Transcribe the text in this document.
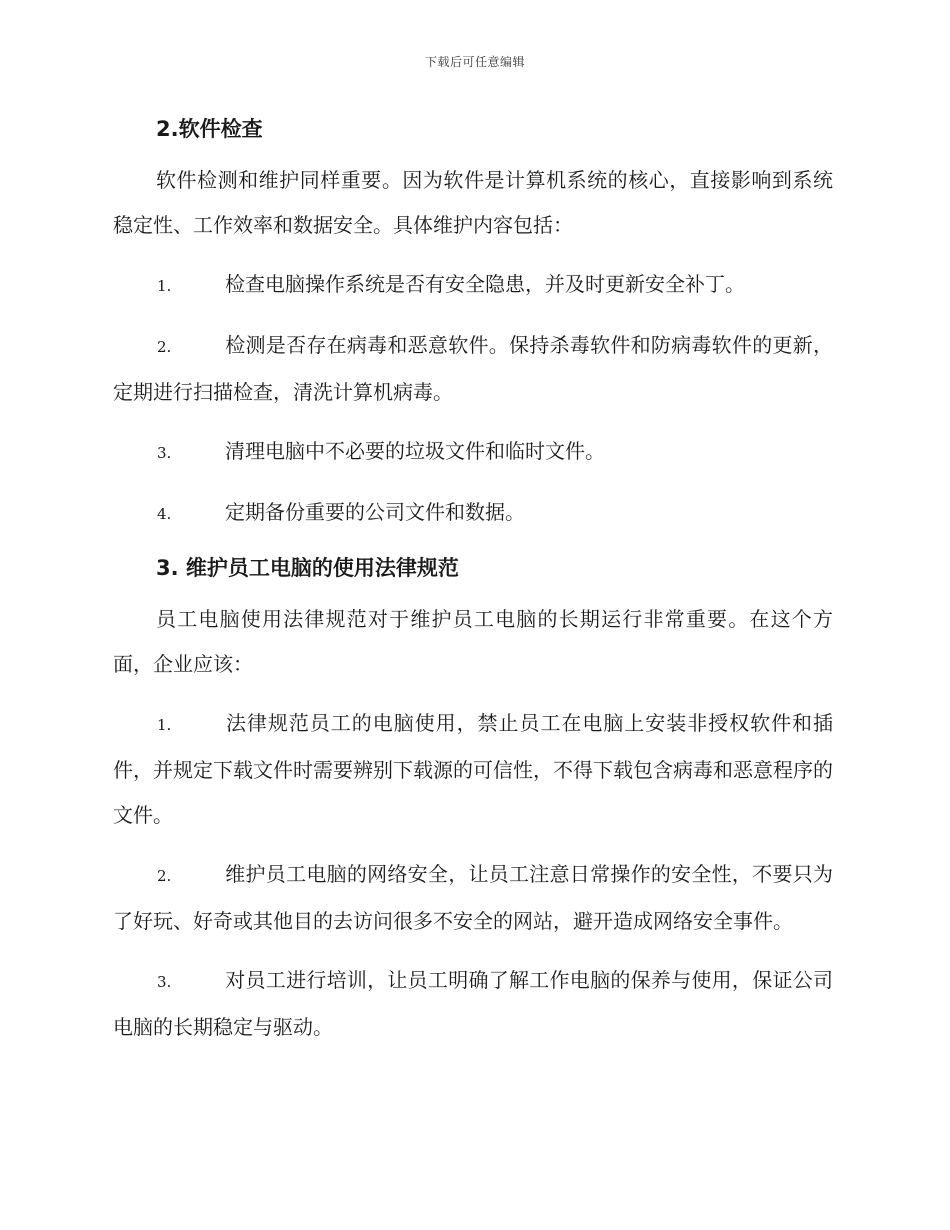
下载后可任意编辑
2.软件检查

软件检测和维护同样重要。因为软件是计算机系统的核心，直接影响到系统稳定性、工作效率和数据安全。具体维护内容包括：

1.	检查电脑操作系统是否有安全隐患，并及时更新安全补丁。

2.	检测是否存在病毒和恶意软件。保持杀毒软件和防病毒软件的更新，定期进行扫描检查，清洗计算机病毒。

3.	清理电脑中不必要的垃圾文件和临时文件。

4.	定期备份重要的公司文件和数据。

3. 维护员工电脑的使用法律规范

员工电脑使用法律规范对于维护员工电脑的长期运行非常重要。在这个方面，企业应该：

1.	法律规范员工的电脑使用，禁止员工在电脑上安装非授权软件和插件，并规定下载文件时需要辨别下载源的可信性，不得下载包含病毒和恶意程序的文件。

2.	维护员工电脑的网络安全，让员工注意日常操作的安全性，不要只为了好玩、好奇或其他目的去访问很多不安全的网站，避开造成网络安全事件。

3.	对员工进行培训，让员工明确了解工作电脑的保养与使用，保证公司电脑的长期稳定与驱动。
